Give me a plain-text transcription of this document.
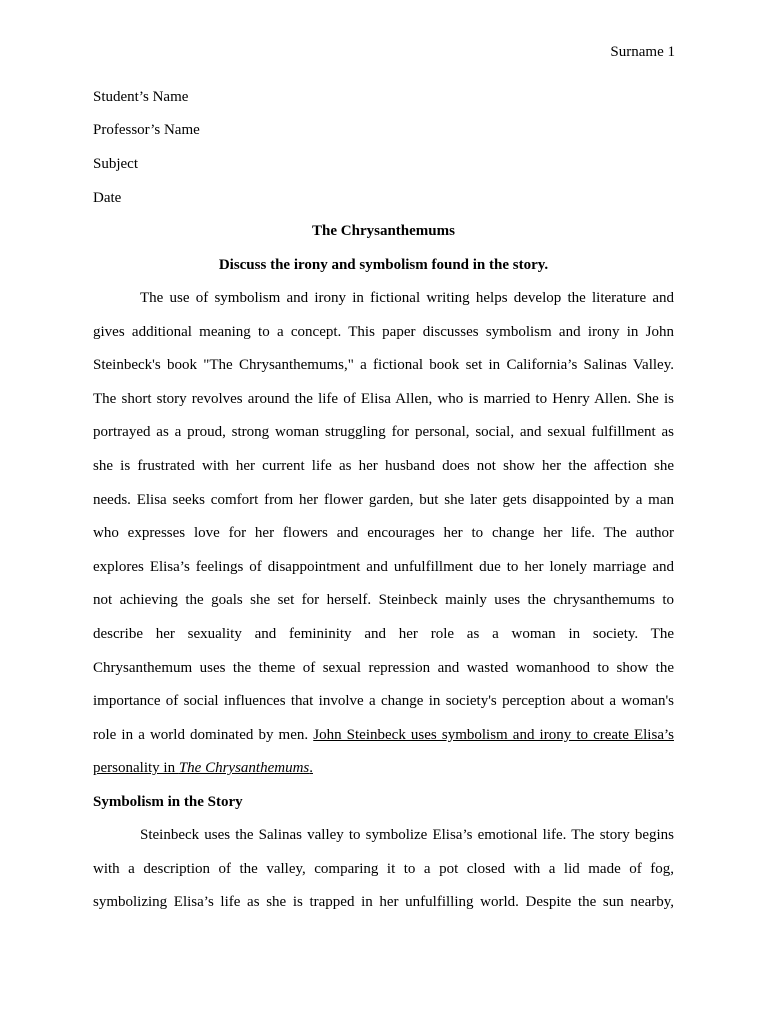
Surname 1
Student’s Name
Professor’s Name
Subject
Date
The Chrysanthemums
Discuss the irony and symbolism found in the story.
The use of symbolism and irony in fictional writing helps develop the literature and
gives additional meaning to a concept. This paper discusses symbolism and irony in John
Steinbeck's book "The Chrysanthemums," a fictional book set in California’s Salinas Valley.
The short story revolves around the life of Elisa Allen, who is married to Henry Allen. She is
portrayed as a proud, strong woman struggling for personal, social, and sexual fulfillment as
she is frustrated with her current life as her husband does not show her the affection she
needs. Elisa seeks comfort from her flower garden, but she later gets disappointed by a man
who expresses love for her flowers and encourages her to change her life. The author
explores Elisa’s feelings of disappointment and unfulfillment due to her lonely marriage and
not achieving the goals she set for herself. Steinbeck mainly uses the chrysanthemums to
describe her sexuality and femininity and her role as a woman in society. The
Chrysanthemum uses the theme of sexual repression and wasted womanhood to show the
importance of social influences that involve a change in society's perception about a woman's
role in a world dominated by men. John Steinbeck uses symbolism and irony to create Elisa’s
personality in The Chrysanthemums.
Symbolism in the Story
Steinbeck uses the Salinas valley to symbolize Elisa’s emotional life. The story begins
with a description of the valley, comparing it to a pot closed with a lid made of fog,
symbolizing Elisa’s life as she is trapped in her unfulfilling world. Despite the sun nearby,
